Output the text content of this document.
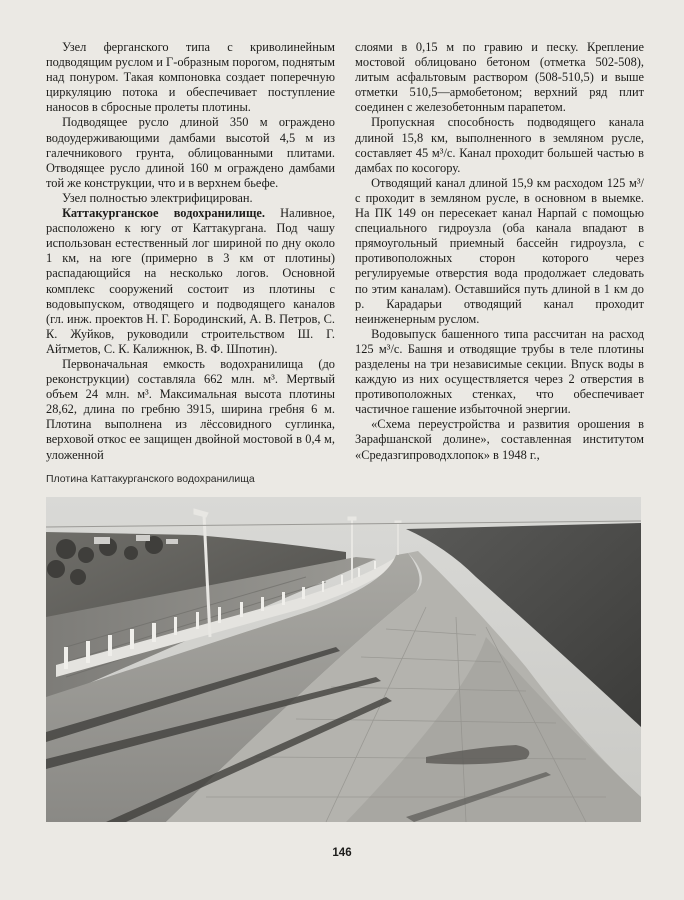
Узел ферганского типа с криволинейным подводящим руслом и Г-образным порогом, поднятым над понуром. Такая компоновка создает поперечную циркуляцию потока и обеспечивает поступление наносов в сбросные пролеты плотины.

Подводящее русло длиной 350 м ограждено водоудерживающими дамбами высотой 4,5 м из галечникового грунта, облицованными плитами. Отводящее русло длиной 160 м ограждено дамбами той же конструкции, что и в верхнем бьефе.

Узел полностью электрифицирован.

Каттакурганское водохранилище. Наливное, расположено к югу от Каттакургана. Под чашу использован естественный лог шириной по дну около 1 км, на юге (примерно в 3 км от плотины) распадающийся на несколько логов. Основной комплекс сооружений состоит из плотины с водовыпуском, отводящего и подводящего каналов (гл. инж. проектов Н. Г. Бородинский, А. В. Петров, С. К. Жуйков, руководили строительством Ш. Г. Айтметов, С. К. Калижнюк, В. Ф. Шпотин).

Первоначальная емкость водохранилища (до реконструкции) составляла 662 млн. м³. Мертвый объем 24 млн. м³. Максимальная высота плотины 28,62, длина по гребню 3915, ширина гребня 6 м. Плотина выполнена из лёссовидного суглинка, верховой откос ее защищен двойной мостовой в 0,4 м, уложенной

слоями в 0,15 м по гравию и песку. Крепление мостовой облицовано бетоном (отметка 502-508), литым асфальтовым раствором (508-510,5) и выше отметки 510,5—армобетоном; верхний ряд плит соединен с железобетонным парапетом.

Пропускная способность подводящего канала длиной 15,8 км, выполненного в земляном русле, составляет 45 м³/с. Канал проходит большей частью в дамбах по косогору.

Отводящий канал длиной 15,9 км расходом 125 м³/с проходит в земляном русле, в основном в выемке. На ПК 149 он пересекает канал Нарпай с помощью специального гидроузла (оба канала впадают в прямоугольный приемный бассейн гидроузла, с противоположных сторон которого через регулируемые отверстия вода продолжает следовать по этим каналам). Оставшийся путь длиной в 1 км до р. Карадарьи отводящий канал проходит неинженерным руслом.

Водовыпуск башенного типа рассчитан на расход 125 м³/с. Башня и отводящие трубы в теле плотины разделены на три независимые секции. Впуск воды в каждую из них осуществляется через 2 отверстия в противоположных стенках, что обеспечивает частичное гашение избыточной энергии.

«Схема переустройства и развития орошения в Зарафшанской долине», составленная институтом «Средазгипроводхлопок» в 1948 г.,

Плотина Каттакурганского водохранилища
146
